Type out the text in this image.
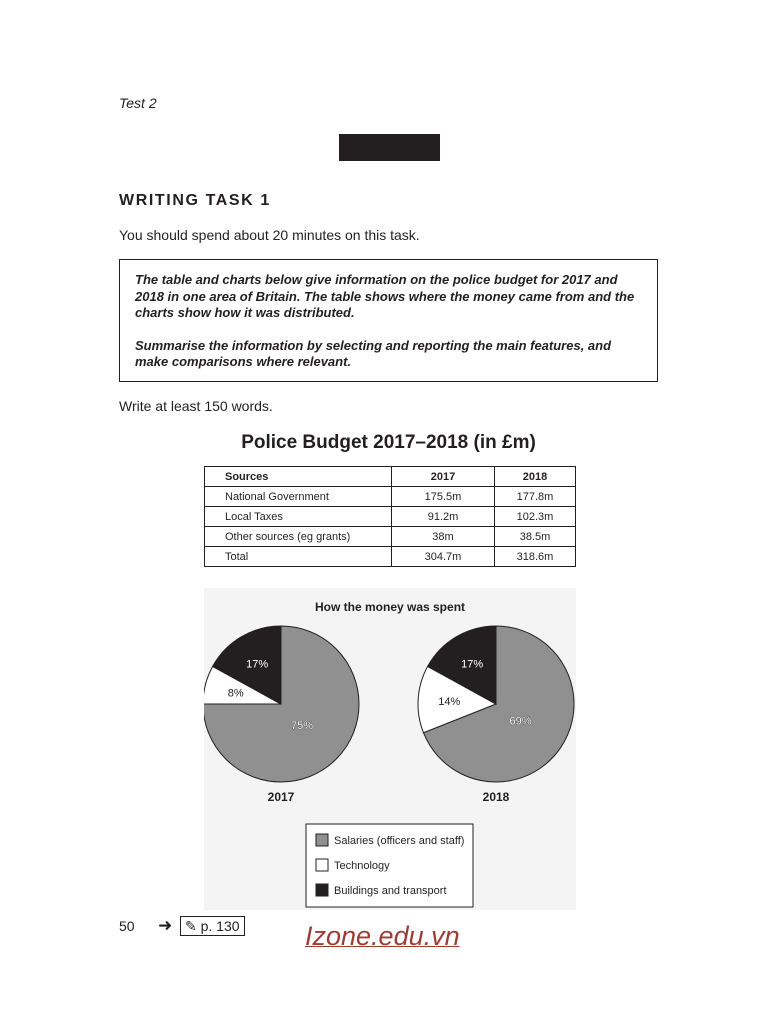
Test 2
WRITING TASK 1
You should spend about 20 minutes on this task.

The table and charts below give information on the police budget for 2017 and 2018 in one area of Britain. The table shows where the money came from and the charts show how it was distributed.

Summarise the information by selecting and reporting the main features, and make comparisons where relevant.

Write at least 150 words.
Police Budget 2017–2018 (in £m)
Sources	2017	2018
National Government	175.5m	177.8m
Local Taxes	91.2m	102.3m
Other sources (eg grants)	38m	38.5m
Total	304.7m	318.6m
How the money was spent
75%
8%
17%
2017
69%
14%
17%
2018
Salaries (officers and staff)
Technology
Buildings and transport
50 ➜ ✎ p. 130 Izone.edu.vn
